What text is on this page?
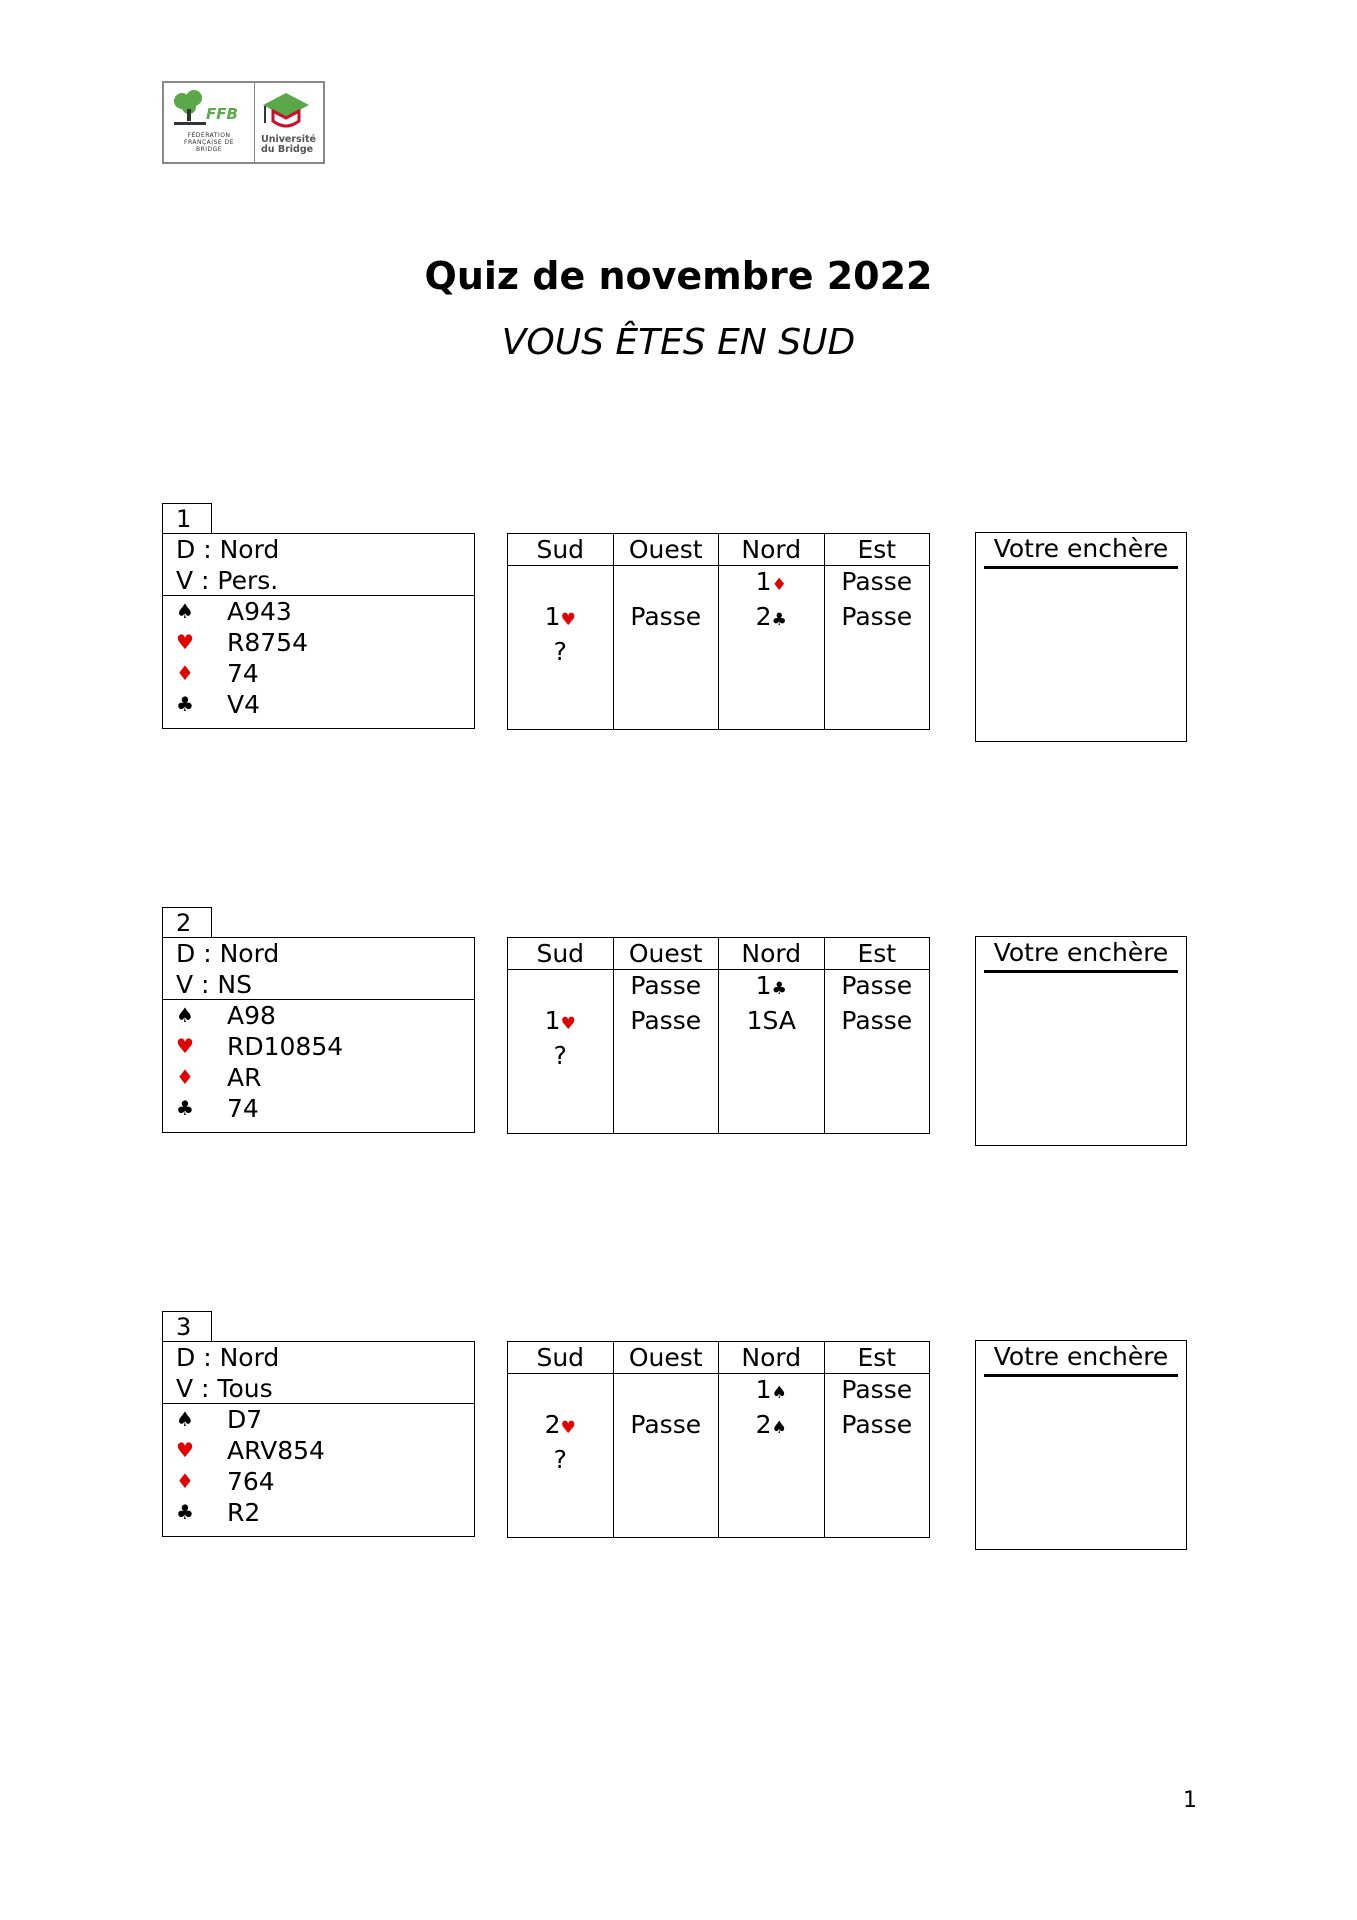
FFB
FÉDÉRATION FRANÇAISE DE BRIDGE
Université
du Bridge
Quiz de novembre 2022
VOUS ÊTES EN SUD
1
D : Nord
V : Pers.
♠	A943
♥	R8754
♦	74
♣	V4
Sud	Ouest	Nord	Est
		1♦	Passe
1♥	Passe	2♣	Passe
?			

Votre enchère
2
D : Nord
V : NS
♠	A98
♥	RD10854
♦	AR
♣	74
Sud	Ouest	Nord	Est
	Passe	1♣	Passe
1♥	Passe	1SA	Passe
?			

Votre enchère
3
D : Nord
V : Tous
♠	D7
♥	ARV854
♦	764
♣	R2
Sud	Ouest	Nord	Est
		1♠	Passe
2♥	Passe	2♠	Passe
?			

Votre enchère
1
